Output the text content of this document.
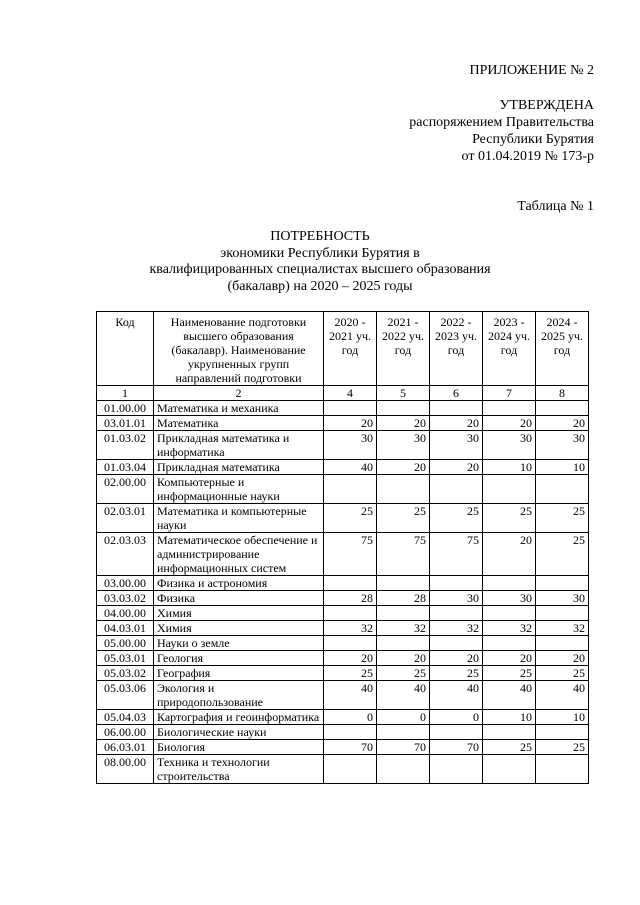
ПРИЛОЖЕНИЕ № 2
УТВЕРЖДЕНА
распоряжением Правительства
Республики Бурятия
от 01.04.2019 № 173-р
Таблица № 1
ПОТРЕБНОСТЬ
экономики Республики Бурятия в
квалифицированных специалистах высшего образования
(бакалавр) на 2020 – 2025 годы
Код	Наименование подготовки высшего образования (бакалавр). Наименование укрупненных групп направлений подготовки	2020 - 2021 уч. год	2021 - 2022 уч. год	2022 - 2023 уч. год	2023 - 2024 уч. год	2024 - 2025 уч. год
1	2	4	5	6	7	8
01.00.00	Математика и механика					
03.01.01	Математика	20	20	20	20	20
01.03.02	Прикладная математика и информатика	30	30	30	30	30
01.03.04	Прикладная математика	40	20	20	10	10
02.00.00	Компьютерные и информационные науки					
02.03.01	Математика и компьютерные науки	25	25	25	25	25
02.03.03	Математическое обеспечение и администрирование информационных систем	75	75	75	20	25
03.00.00	Физика и астрономия					
03.03.02	Физика	28	28	30	30	30
04.00.00	Химия					
04.03.01	Химия	32	32	32	32	32
05.00.00	Науки о земле					
05.03.01	Геология	20	20	20	20	20
05.03.02	География	25	25	25	25	25
05.03.06	Экология и природопользование	40	40	40	40	40
05.04.03	Картография и геоинформатика	0	0	0	10	10
06.00.00	Биологические науки					
06.03.01	Биология	70	70	70	25	25
08.00.00	Техника и технологии строительства					
